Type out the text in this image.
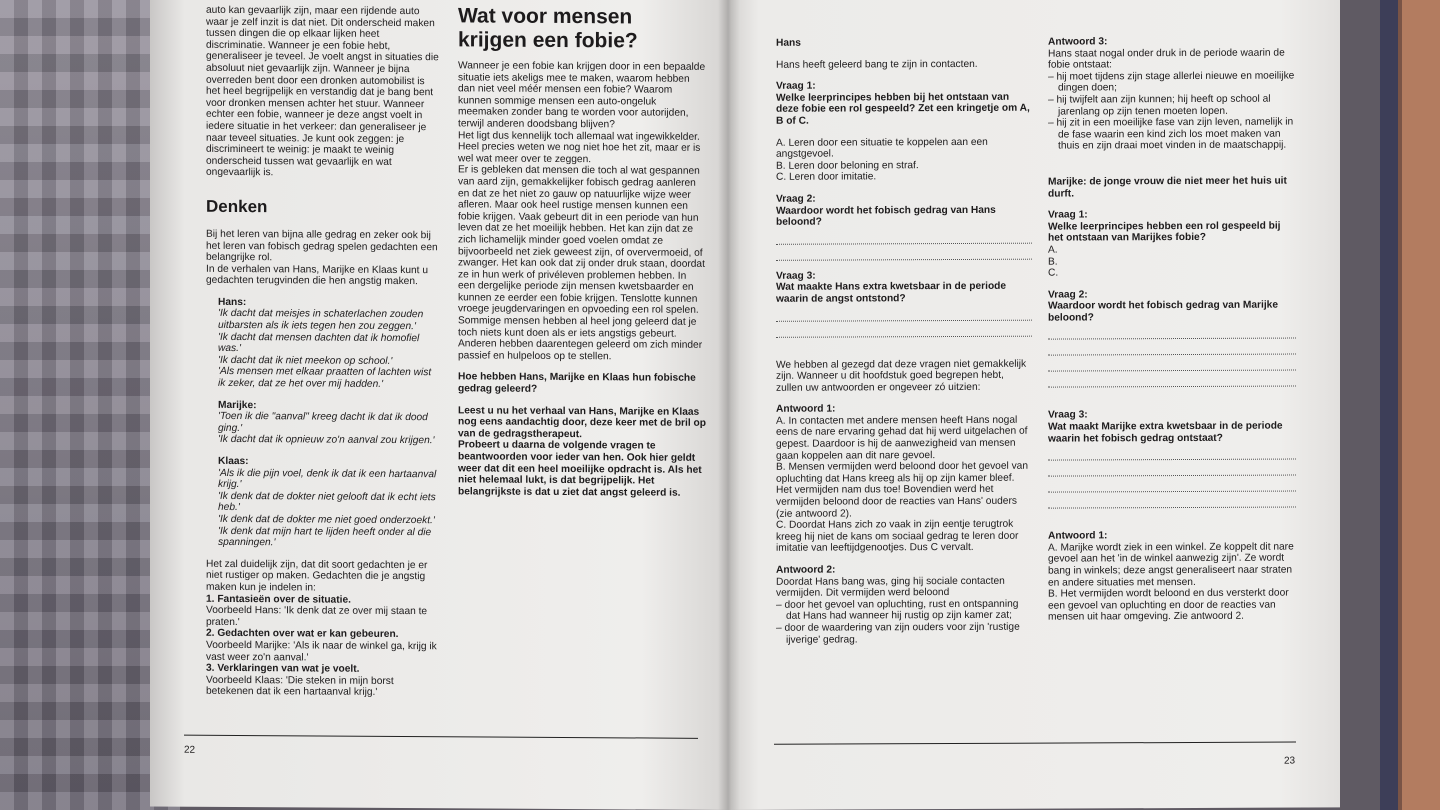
auto kan gevaarlijk zijn, maar een rijdende auto waar je zelf inzit is dat niet. Dit onderscheid maken tussen dingen die op elkaar lijken heet discriminatie. Wanneer je een fobie hebt, generaliseer je teveel. Je voelt angst in situaties die absoluut niet gevaarlijk zijn. Wanneer je bijna overreden bent door een dronken automobilist is het heel begrijpelijk en verstandig dat je bang bent voor dronken mensen achter het stuur. Wanneer echter een fobie, wanneer je deze angst voelt in iedere situatie in het verkeer: dan generaliseer je naar teveel situaties. Je kunt ook zeggen: je discrimineert te weinig: je maakt te weinig onderscheid tussen wat gevaarlijk en wat ongevaarlijk is.

Denken

Bij het leren van bijna alle gedrag en zeker ook bij het leren van fobisch gedrag spelen gedachten een belangrijke rol.

In de verhalen van Hans, Marijke en Klaas kunt u gedachten terugvinden die hen angstig maken.

Hans:
'Ik dacht dat meisjes in schaterlachen zouden uitbarsten als ik iets tegen hen zou zeggen.'
'Ik dacht dat mensen dachten dat ik homofiel was.'
'Ik dacht dat ik niet meekon op school.'
'Als mensen met elkaar praatten of lachten wist ik zeker, dat ze het over mij hadden.'
Marijke:
'Toen ik die "aanval" kreeg dacht ik dat ik dood ging.'
'Ik dacht dat ik opnieuw zo'n aanval zou krijgen.'
Klaas:
'Als ik die pijn voel, denk ik dat ik een hartaanval krijg.'
'Ik denk dat de dokter niet gelooft dat ik echt iets heb.'
'Ik denk dat de dokter me niet goed onderzoekt.'
'Ik denk dat mijn hart te lijden heeft onder al die spanningen.'

Het zal duidelijk zijn, dat dit soort gedachten je er niet rustiger op maken. Gedachten die je angstig maken kun je indelen in:

1. Fantasieën over de situatie.
Voorbeeld Hans: 'Ik denk dat ze over mij staan te praten.'
2. Gedachten over wat er kan gebeuren.
Voorbeeld Marijke: 'Als ik naar de winkel ga, krijg ik vast weer zo'n aanval.'
3. Verklaringen van wat je voelt.
Voorbeeld Klaas: 'Die steken in mijn borst betekenen dat ik een hartaanval krijg.'

Wat voor mensen krijgen een fobie?

Wanneer je een fobie kan krijgen door in een bepaalde situatie iets akeligs mee te maken, waarom hebben dan niet veel méér mensen een fobie? Waarom kunnen sommige mensen een auto-ongeluk meemaken zonder bang te worden voor autorijden, terwijl anderen doodsbang blijven?

Het ligt dus kennelijk toch allemaal wat ingewikkelder. Heel precies weten we nog niet hoe het zit, maar er is wel wat meer over te zeggen.

Er is gebleken dat mensen die toch al wat gespannen van aard zijn, gemakkelijker fobisch gedrag aanleren en dat ze het niet zo gauw op natuurlijke wijze weer afleren. Maar ook heel rustige mensen kunnen een fobie krijgen. Vaak gebeurt dit in een periode van hun leven dat ze het moeilijk hebben. Het kan zijn dat ze zich lichamelijk minder goed voelen omdat ze bijvoorbeeld net ziek geweest zijn, of oververmoeid, of zwanger. Het kan ook dat zij onder druk staan, doordat ze in hun werk of privéleven problemen hebben. In een dergelijke periode zijn mensen kwetsbaarder en kunnen ze eerder een fobie krijgen. Tenslotte kunnen vroege jeugdervaringen en opvoeding een rol spelen. Sommige mensen hebben al heel jong geleerd dat je toch niets kunt doen als er iets angstigs gebeurt. Anderen hebben daarentegen geleerd om zich minder passief en hulpeloos op te stellen.

Hoe hebben Hans, Marijke en Klaas hun fobische gedrag geleerd?

Leest u nu het verhaal van Hans, Marijke en Klaas nog eens aandachtig door, deze keer met de bril op van de gedragstherapeut.

Probeert u daarna de volgende vragen te beantwoorden voor ieder van hen. Ook hier geldt weer dat dit een heel moeilijke opdracht is. Als het niet helemaal lukt, is dat begrijpelijk. Het belangrijkste is dat u ziet dat angst geleerd is.

22

Hans

Hans heeft geleerd bang te zijn in contacten.

Vraag 1:
Welke leerprincipes hebben bij het ontstaan van deze fobie een rol gespeeld? Zet een kringetje om A, B of C.
A. Leren door een situatie te koppelen aan een angstgevoel.
B. Leren door beloning en straf.
C. Leren door imitatie.
Vraag 2:
Waardoor wordt het fobisch gedrag van Hans beloond?
Vraag 3:
Wat maakte Hans extra kwetsbaar in de periode waarin de angst ontstond?

We hebben al gezegd dat deze vragen niet gemakkelijk zijn. Wanneer u dit hoofdstuk goed begrepen hebt, zullen uw antwoorden er ongeveer zó uitzien:

Antwoord 1:
A. In contacten met andere mensen heeft Hans nogal eens de nare ervaring gehad dat hij werd uitgelachen of gepest. Daardoor is hij de aanwezigheid van mensen gaan koppelen aan dit nare gevoel.
B. Mensen vermijden werd beloond door het gevoel van opluchting dat Hans kreeg als hij op zijn kamer bleef. Het vermijden nam dus toe! Bovendien werd het vermijden beloond door de reacties van Hans' ouders (zie antwoord 2).
C. Doordat Hans zich zo vaak in zijn eentje terugtrok kreeg hij niet de kans om sociaal gedrag te leren door imitatie van leeftijdgenootjes. Dus C vervalt.
Antwoord 2:
Doordat Hans bang was, ging hij sociale contacten vermijden. Dit vermijden werd beloond
– door het gevoel van opluchting, rust en ontspanning dat Hans had wanneer hij rustig op zijn kamer zat;
– door de waardering van zijn ouders voor zijn 'rustige ijverige' gedrag.
Antwoord 3:
Hans staat nogal onder druk in de periode waarin de fobie ontstaat:
– hij moet tijdens zijn stage allerlei nieuwe en moeilijke dingen doen;
– hij twijfelt aan zijn kunnen; hij heeft op school al jarenlang op zijn tenen moeten lopen.
– hij zit in een moeilijke fase van zijn leven, namelijk in de fase waarin een kind zich los moet maken van thuis en zijn draai moet vinden in de maatschappij.

Marijke: de jonge vrouw die niet meer het huis uit durft.

Vraag 1:
Welke leerprincipes hebben een rol gespeeld bij het ontstaan van Marijkes fobie?
A.
B.
C.
Vraag 2:
Waardoor wordt het fobisch gedrag van Marijke beloond?
Vraag 3:
Wat maakt Marijke extra kwetsbaar in de periode waarin het fobisch gedrag ontstaat?
Antwoord 1:
A. Marijke wordt ziek in een winkel. Ze koppelt dit nare gevoel aan het 'in de winkel aanwezig zijn'. Ze wordt bang in winkels; deze angst generaliseert naar straten en andere situaties met mensen.
B. Het vermijden wordt beloond en dus versterkt door een gevoel van opluchting en door de reacties van mensen uit haar omgeving. Zie antwoord 2.
23
